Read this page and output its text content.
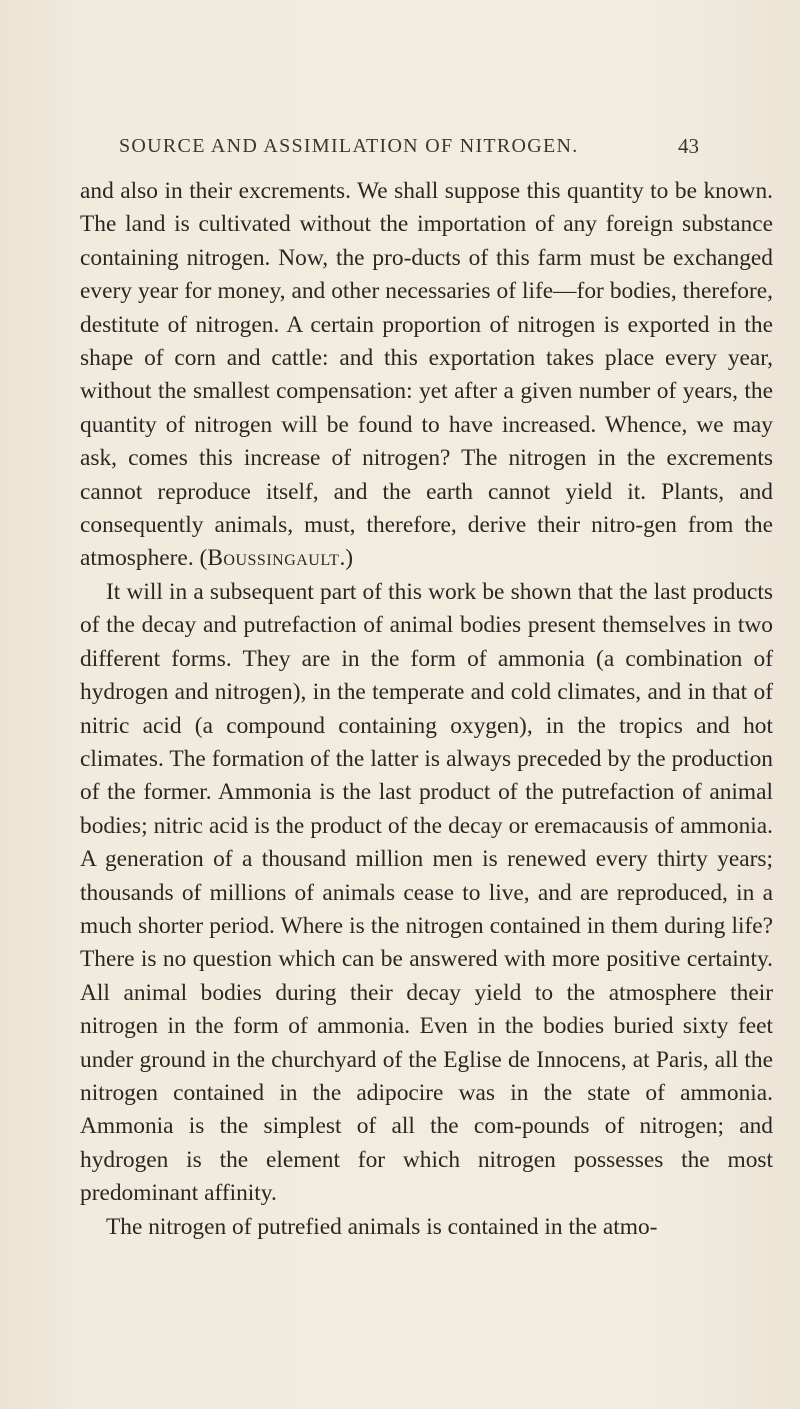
SOURCE AND ASSIMILATION OF NITROGEN.	43

and also in their excrements. We shall suppose this quantity to be known. The land is cultivated without the importation of any foreign substance containing nitrogen. Now, the pro-ducts of this farm must be exchanged every year for money, and other necessaries of life—for bodies, therefore, destitute of nitrogen. A certain proportion of nitrogen is exported in the shape of corn and cattle: and this exportation takes place every year, without the smallest compensation: yet after a given number of years, the quantity of nitrogen will be found to have increased. Whence, we may ask, comes this increase of nitrogen? The nitrogen in the excrements cannot reproduce itself, and the earth cannot yield it. Plants, and consequently animals, must, therefore, derive their nitro-gen from the atmosphere. (Boussingault.)

It will in a subsequent part of this work be shown that the last products of the decay and putrefaction of animal bodies present themselves in two different forms. They are in the form of ammonia (a combination of hydrogen and nitrogen), in the temperate and cold climates, and in that of nitric acid (a compound containing oxygen), in the tropics and hot climates. The formation of the latter is always preceded by the production of the former. Ammonia is the last product of the putrefaction of animal bodies; nitric acid is the product of the decay or eremacausis of ammonia. A generation of a thousand million men is renewed every thirty years; thousands of millions of animals cease to live, and are reproduced, in a much shorter period. Where is the nitrogen contained in them during life? There is no question which can be answered with more positive certainty. All animal bodies during their decay yield to the atmosphere their nitrogen in the form of ammonia. Even in the bodies buried sixty feet under ground in the churchyard of the Eglise de Innocens, at Paris, all the nitrogen contained in the adipocire was in the state of ammonia. Ammonia is the simplest of all the com-pounds of nitrogen; and hydrogen is the element for which nitrogen possesses the most predominant affinity.

The nitrogen of putrefied animals is contained in the atmo-
